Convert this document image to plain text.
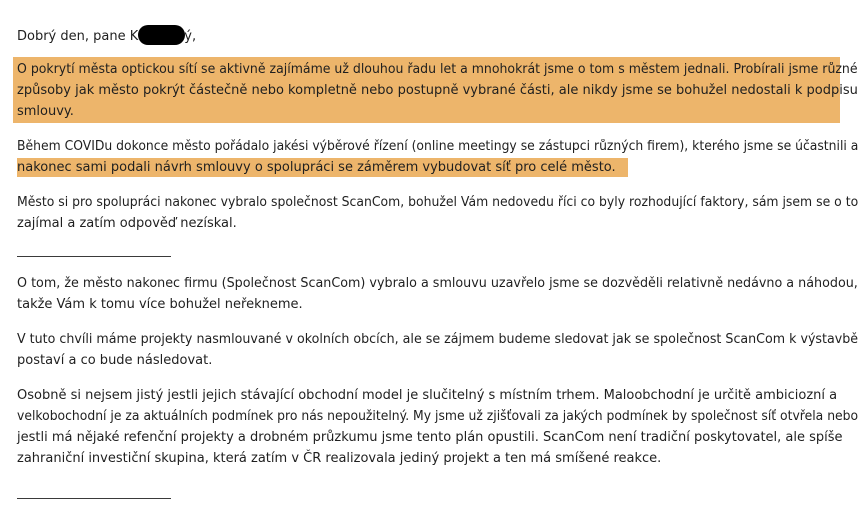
Dobrý den, pane K	ý,
O pokrytí města optickou sítí se aktivně zajímáme už dlouhou řadu let a mnohokrát jsme o tom s městem jednali. Probírali jsme různé
způsoby jak město pokrýt částečně nebo kompletně nebo postupně vybrané části, ale nikdy jsme se bohužel nedostali k podpisu
smlouvy.
Během COVIDu dokonce město pořádalo jakési výběrové řízení (online meetingy se zástupci různých firem), kterého jsme se účastnili a
nakonec sami podali návrh smlouvy o spolupráci se záměrem vybudovat síť pro celé město.
Město si pro spolupráci nakonec vybralo společnost ScanCom, bohužel Vám nedovedu říci co byly rozhodující faktory, sám jsem se o to
zajímal a zatím odpověď nezískal.
O tom, že město nakonec firmu (Společnost ScanCom) vybralo a smlouvu uzavřelo jsme se dozvěděli relativně nedávno a náhodou,
takže Vám k tomu více bohužel neřekneme.
V tuto chvíli máme projekty nasmlouvané v okolních obcích, ale se zájmem budeme sledovat jak se společnost ScanCom k výstavbě
postaví a co bude následovat.
Osobně si nejsem jistý jestli jejich stávající obchodní model je slučitelný s místním trhem. Maloobchodní je určitě ambiciozní a
velkobochodní je za aktuálních podmínek pro nás nepoužitelný. My jsme už zjišťovali za jakých podmínek by společnost síť otvřela nebo
jestli má nějaké refenční projekty a drobném průzkumu jsme tento plán opustili. ScanCom není tradiční poskytovatel, ale spíše
zahraniční investiční skupina, která zatím v ČR realizovala jediný projekt a ten má smíšené reakce.
